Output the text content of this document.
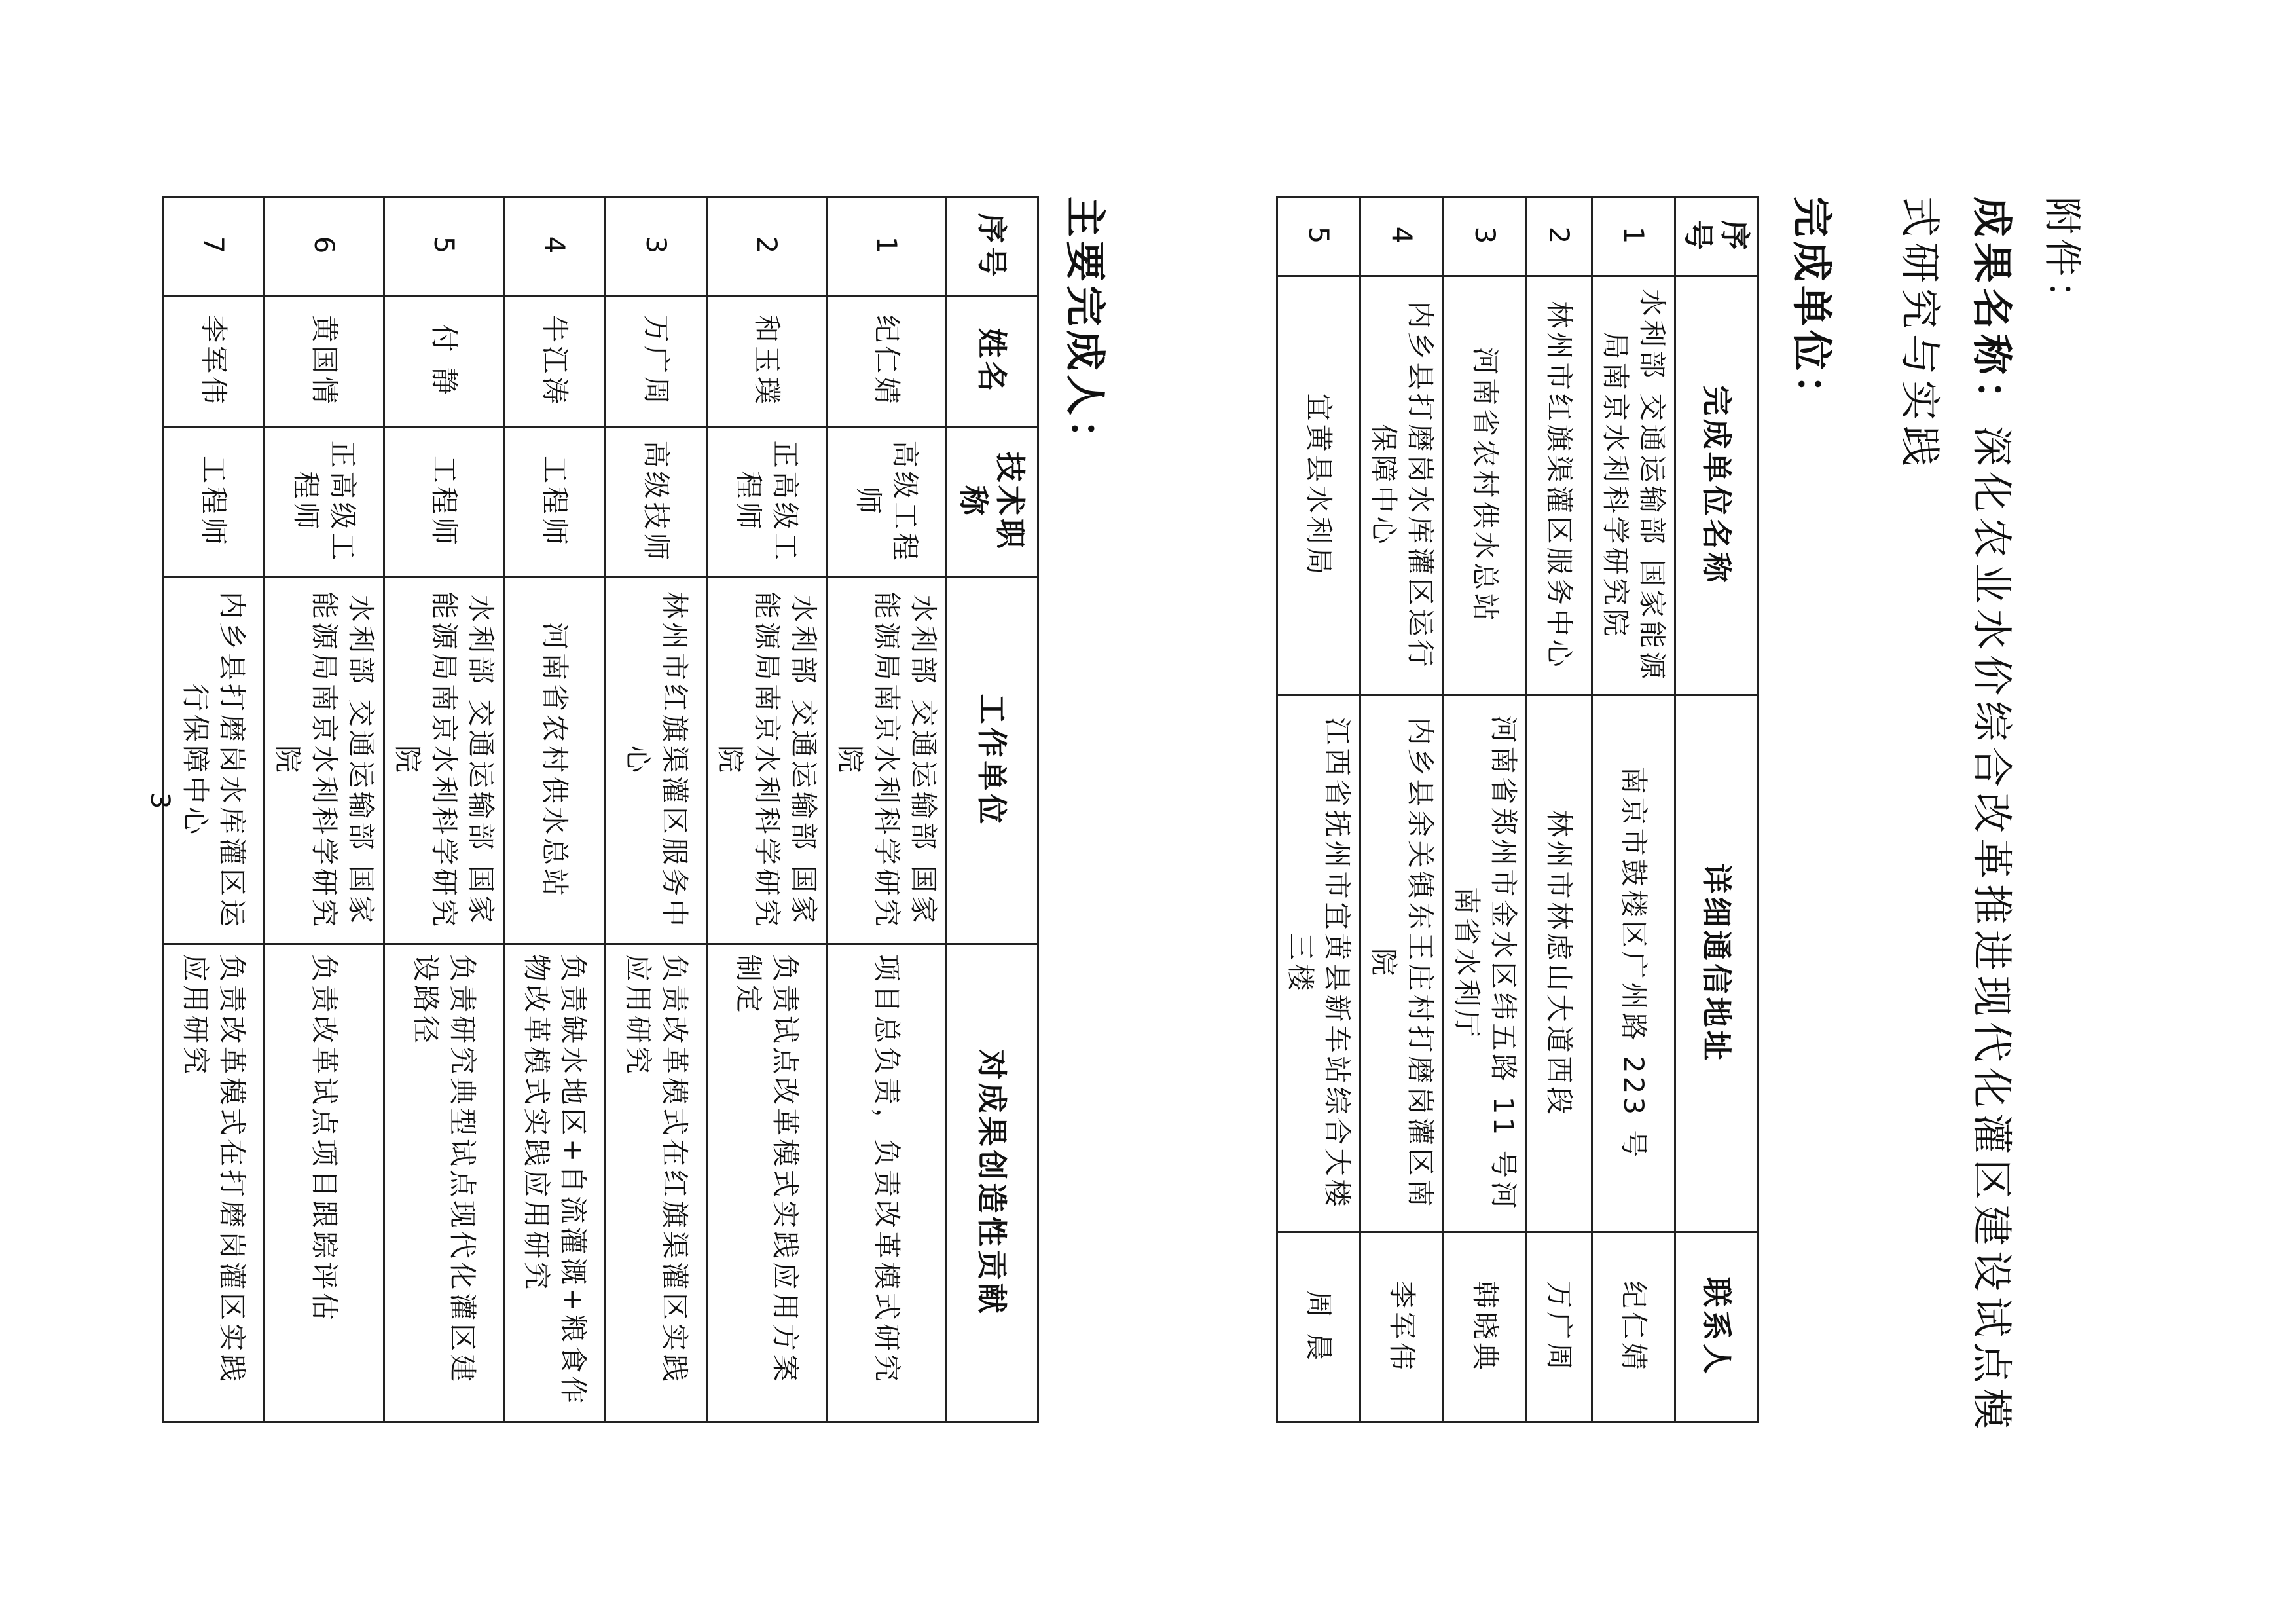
附件：
成果名称：深化农业水价综合改革推进现代化灌区建设试点模式研究与实践
完成单位：
序号	完成单位名称	详细通信地址	联系人
1	水利部 交通运输部 国家能源局南京水利科学研究院	南京市鼓楼区广州路 223 号	纪仁婧
2	林州市红旗渠灌区服务中心	林州市林虑山大道西段	万广周
3	河南省农村供水总站	河南省郑州市金水区纬五路 11 号河南省水利厅	韩晓典
4	内乡县打磨岗水库灌区运行保障中心	内乡县余关镇东王庄村打磨岗灌区南院	李军伟
5	宜黄县水利局	江西省抚州市宜黄县新车站综合大楼三楼	周 晨
主要完成人：
序号	姓名	技术职称	工作单位	对成果创造性贡献
1	纪仁婧	高级工程师	水利部 交通运输部 国家能源局南京水利科学研究院	项目总负责，负责改革模式研究
2	和玉璞	正高级工程师	水利部 交通运输部 国家能源局南京水利科学研究院	负责试点改革模式实践应用方案制定
3	万广周	高级技师	林州市红旗渠灌区服务中心	负责改革模式在红旗渠灌区实践应用研究
4	牛江涛	工程师	河南省农村供水总站	负责缺水地区+自流灌溉+粮食作物改革模式实践应用研究
5	付 静	工程师	水利部 交通运输部 国家能源局南京水利科学研究院	负责研究典型试点现代化灌区建设路径
6	黄国情	正高级工程师	水利部 交通运输部 国家能源局南京水利科学研究院	负责改革试点项目跟踪评估
7	李军伟	工程师	内乡县打磨岗水库灌区运行保障中心	负责改革模式在打磨岗灌区实践应用研究
3
